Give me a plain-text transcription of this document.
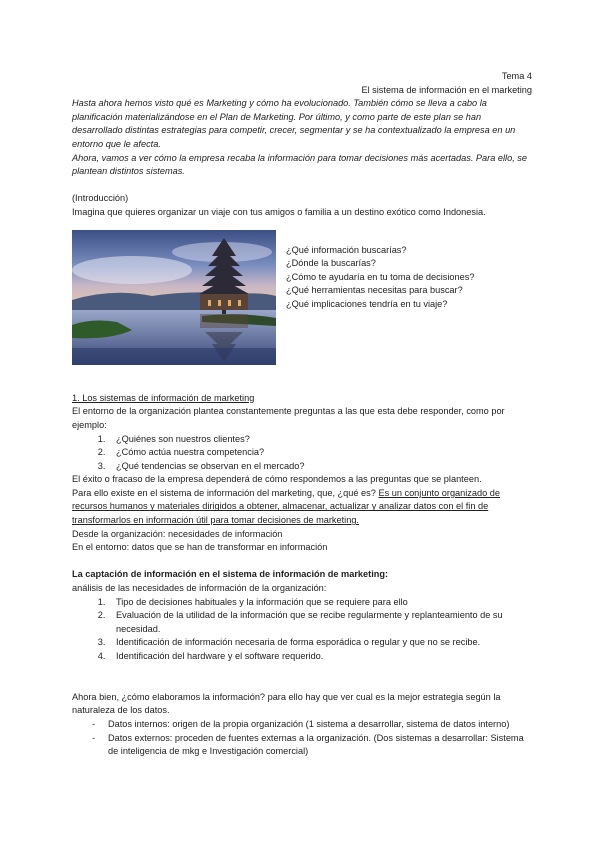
Tema 4

El sistema de información en el marketing

Hasta ahora hemos visto qué es Marketing y cómo ha evolucionado. También cómo se lleva a cabo la planificación materializándose en el Plan de Marketing. Por último, y como parte de este plan se han desarrollado distintas estrategias para competir, crecer, segmentar y se ha contextualizado la empresa en un entorno que le afecta.

Ahora, vamos a ver cómo la empresa recaba la información para tomar decisiones más acertadas. Para ello, se plantean distintos sistemas.

(Introducción)

Imagina que quieres organizar un viaje con tus amigos o familia a un destino exótico como Indonesia.

¿Qué información buscarías?

¿Dónde la buscarías?

¿Cómo te ayudaría en tu toma de decisiones?

¿Qué herramientas necesitas para buscar?

¿Qué implicaciones tendría en tu viaje?

1. Los sistemas de información de marketing

El entorno de la organización plantea constantemente preguntas a las que esta debe responder, como por ejemplo:

1. ¿Quiénes son nuestros clientes?
2. ¿Cómo actúa nuestra competencia?
3. ¿Qué tendencias se observan en el mercado?

El éxito o fracaso de la empresa dependerá de cómo respondemos a las preguntas que se planteen.

Para ello existe en el sistema de información del marketing, que, ¿qué es? Es un conjunto organizado de recursos humanos y materiales dirigidos a obtener, almacenar, actualizar y analizar datos con el fin de transformarlos en información útil para tomar decisiones de marketing.

Desde la organización: necesidades de información

En el entorno: datos que se han de transformar en información

La captación de información en el sistema de información de marketing:

análisis de las necesidades de información de la organización:

1. Tipo de decisiones habituales y la información que se requiere para ello
2. Evaluación de la utilidad de la información que se recibe regularmente y replanteamiento de su necesidad.
3. Identificación de información necesaria de forma esporádica o regular y que no se recibe.
4. Identificación del hardware y el software requerido.

Ahora bien, ¿cómo elaboramos la información? para ello hay que ver cual es la mejor estrategia según la naturaleza de los datos.

- Datos internos: origen de la propia organización (1 sistema a desarrollar, sistema de datos interno)
- Datos externos: proceden de fuentes externas a la organización. (Dos sistemas a desarrollar: Sistema de inteligencia de mkg e Investigación comercial)
